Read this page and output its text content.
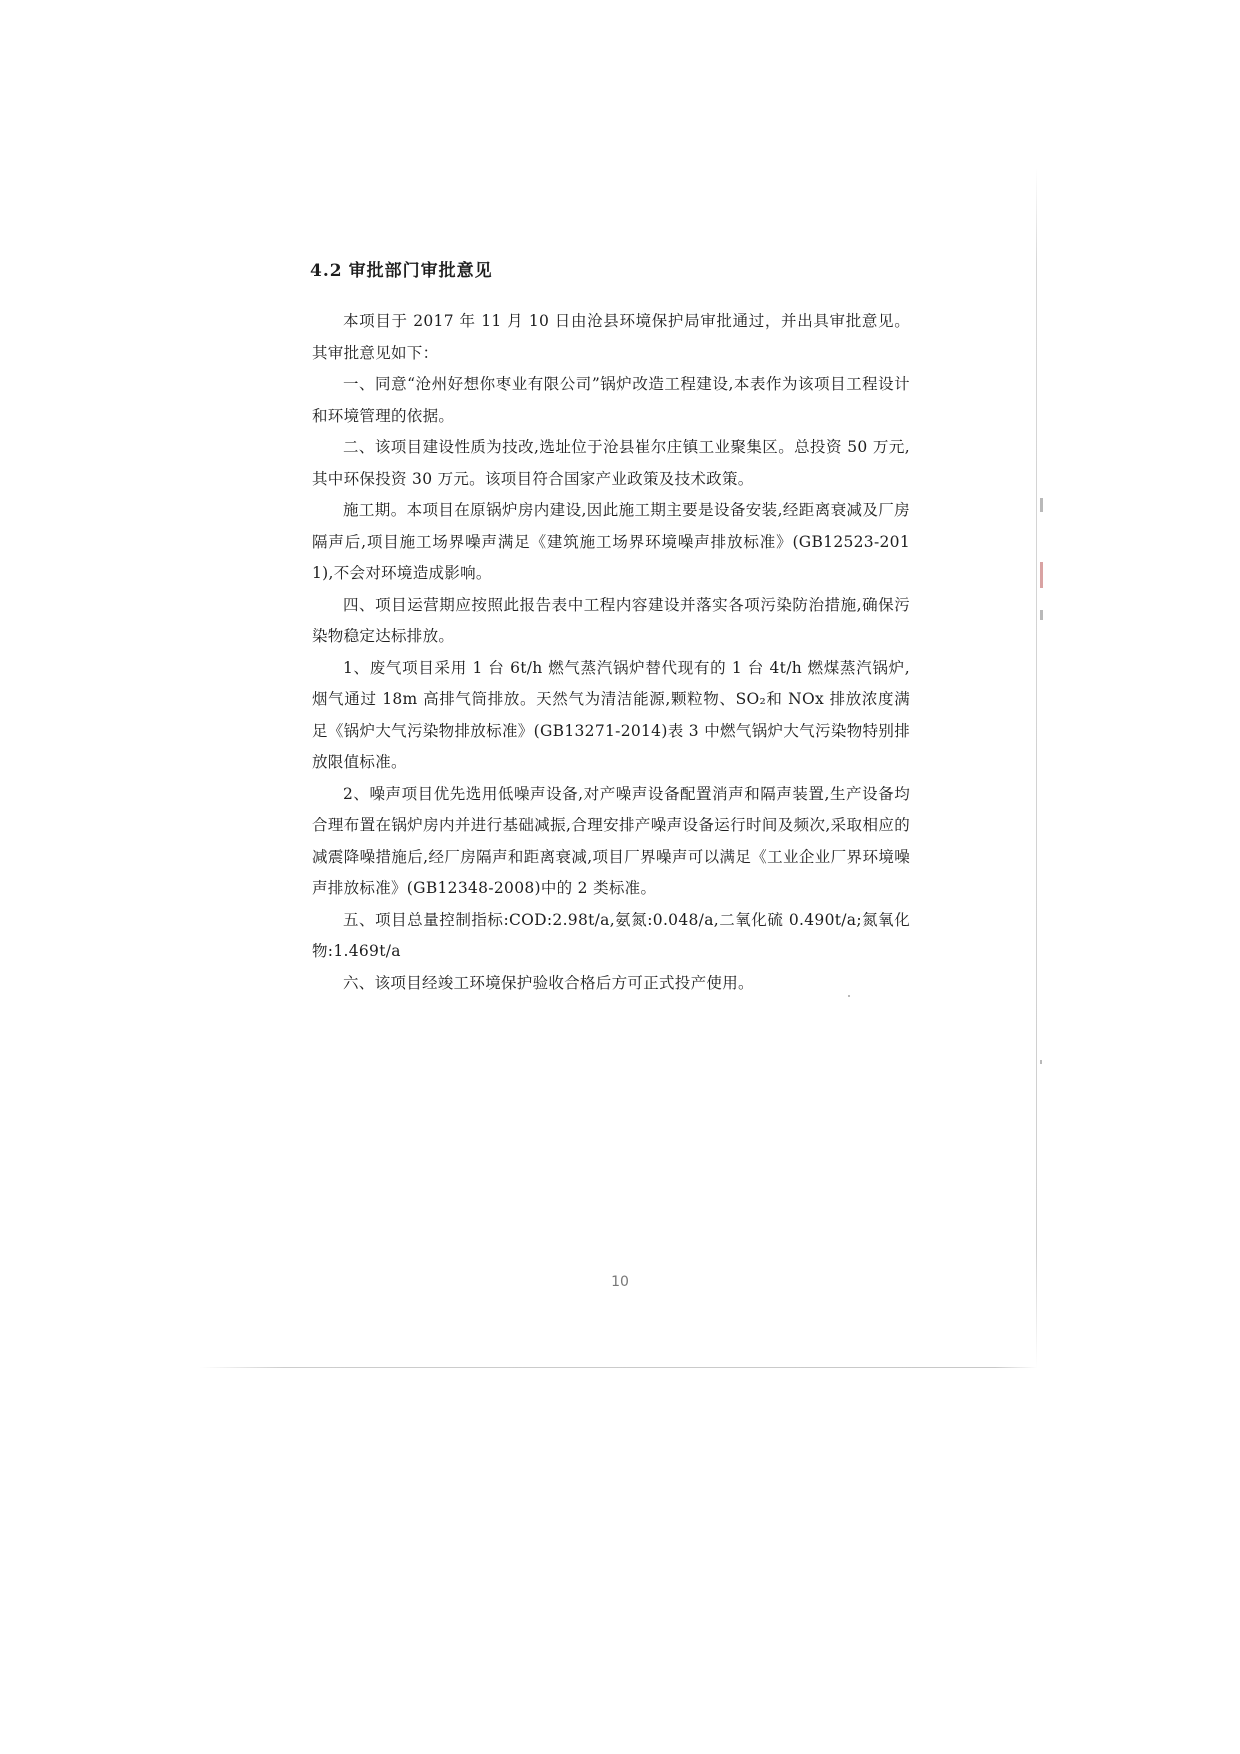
4.2 审批部门审批意见

本项目于 2017 年 11 月 10 日由沧县环境保护局审批通过，并出具审批意见。其审批意见如下：

一、同意“沧州好想你枣业有限公司”锅炉改造工程建设,本表作为该项目工程设计和环境管理的依据。

二、该项目建设性质为技改,选址位于沧县崔尔庄镇工业聚集区。总投资 50 万元,其中环保投资 30 万元。该项目符合国家产业政策及技术政策。

施工期。本项目在原锅炉房内建设,因此施工期主要是设备安装,经距离衰减及厂房隔声后,项目施工场界噪声满足《建筑施工场界环境噪声排放标准》(GB12523-2011),不会对环境造成影响。

四、项目运营期应按照此报告表中工程内容建设并落实各项污染防治措施,确保污染物稳定达标排放。

1、废气项目采用 1 台 6t/h 燃气蒸汽锅炉替代现有的 1 台 4t/h 燃煤蒸汽锅炉,烟气通过 18m 高排气筒排放。天然气为清洁能源,颗粒物、SO₂和 NOx 排放浓度满足《锅炉大气污染物排放标准》(GB13271-2014)表 3 中燃气锅炉大气污染物特别排放限值标准。

2、噪声项目优先选用低噪声设备,对产噪声设备配置消声和隔声装置,生产设备均合理布置在锅炉房内并进行基础减振,合理安排产噪声设备运行时间及频次,采取相应的减震降噪措施后,经厂房隔声和距离衰减,项目厂界噪声可以满足《工业企业厂界环境噪声排放标准》(GB12348-2008)中的 2 类标准。

五、项目总量控制指标:COD:2.98t/a,氨氮:0.048/a,二氧化硫 0.490t/a;氮氧化物:1.469t/a

六、该项目经竣工环境保护验收合格后方可正式投产使用。

10
